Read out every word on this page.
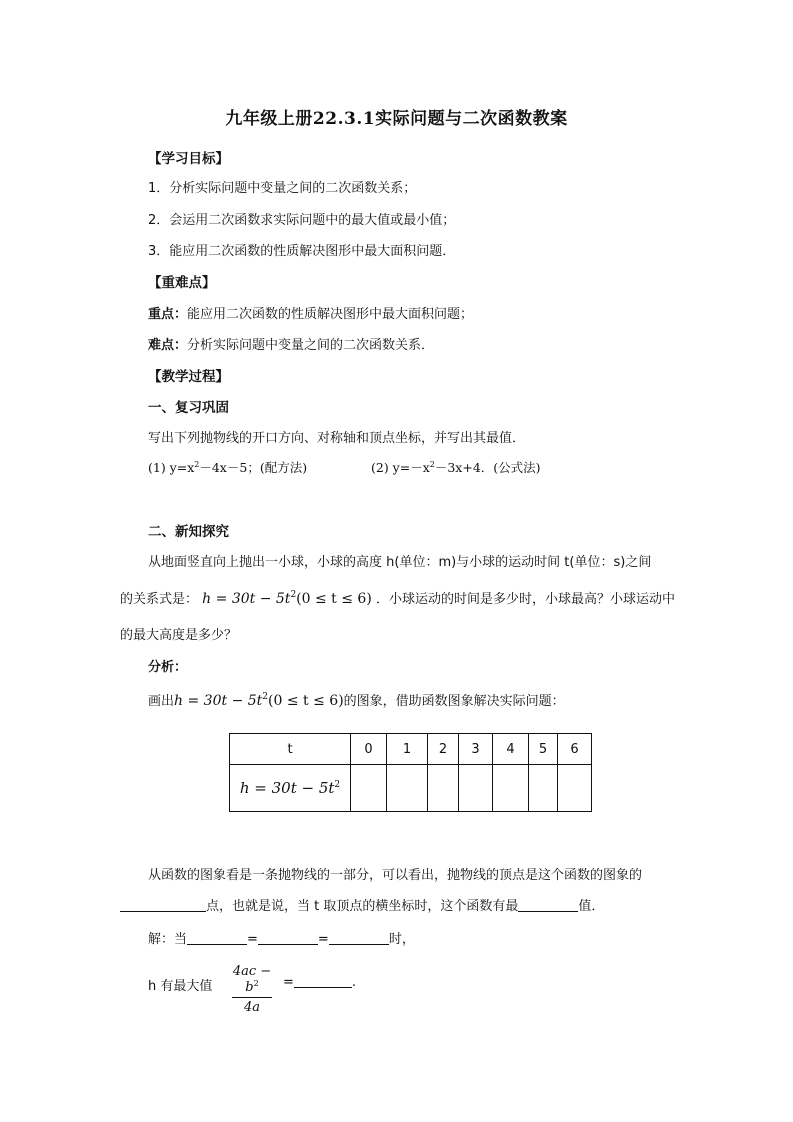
九年级上册22.3.1实际问题与二次函数教案
【学习目标】
1．分析实际问题中变量之间的二次函数关系；
2．会运用二次函数求实际问题中的最大值或最小值；
3．能应用二次函数的性质解决图形中最大面积问题．
【重难点】
重点：能应用二次函数的性质解决图形中最大面积问题；
难点：分析实际问题中变量之间的二次函数关系．
【教学过程】
一、复习巩固
写出下列抛物线的开口方向、对称轴和顶点坐标，并写出其最值．
(1) $y=x^2-4x-5$；(配方法)	(2) $y=-x^2-3x+4$．(公式法)
二、新知探究
从地面竖直向上抛出一小球，小球的高度 h(单位：m)与小球的运动时间 t(单位：s)之间
的关系式是： $h = 30t - 5t^2(0 \le t \le 6)$ ．小球运动的时间是多少时，小球最高？小球运动中
的最大高度是多少？
分析：
画出$h = 30t - 5t^2(0 \le t \le 6)$的图象，借助函数图象解决实际问题：
t	0	1	2	3	4	5	6
$h = 30t - 5t^2$							
从函数的图象看是一条抛物线的一部分，可以看出，抛物线的顶点是这个函数的图象的
点，也就是说，当 t 取顶点的横坐标时，这个函数有最	值．
解：当	=	=	时，
h 有最大值 $\frac{4ac - b^2}{4a}$ =	.
